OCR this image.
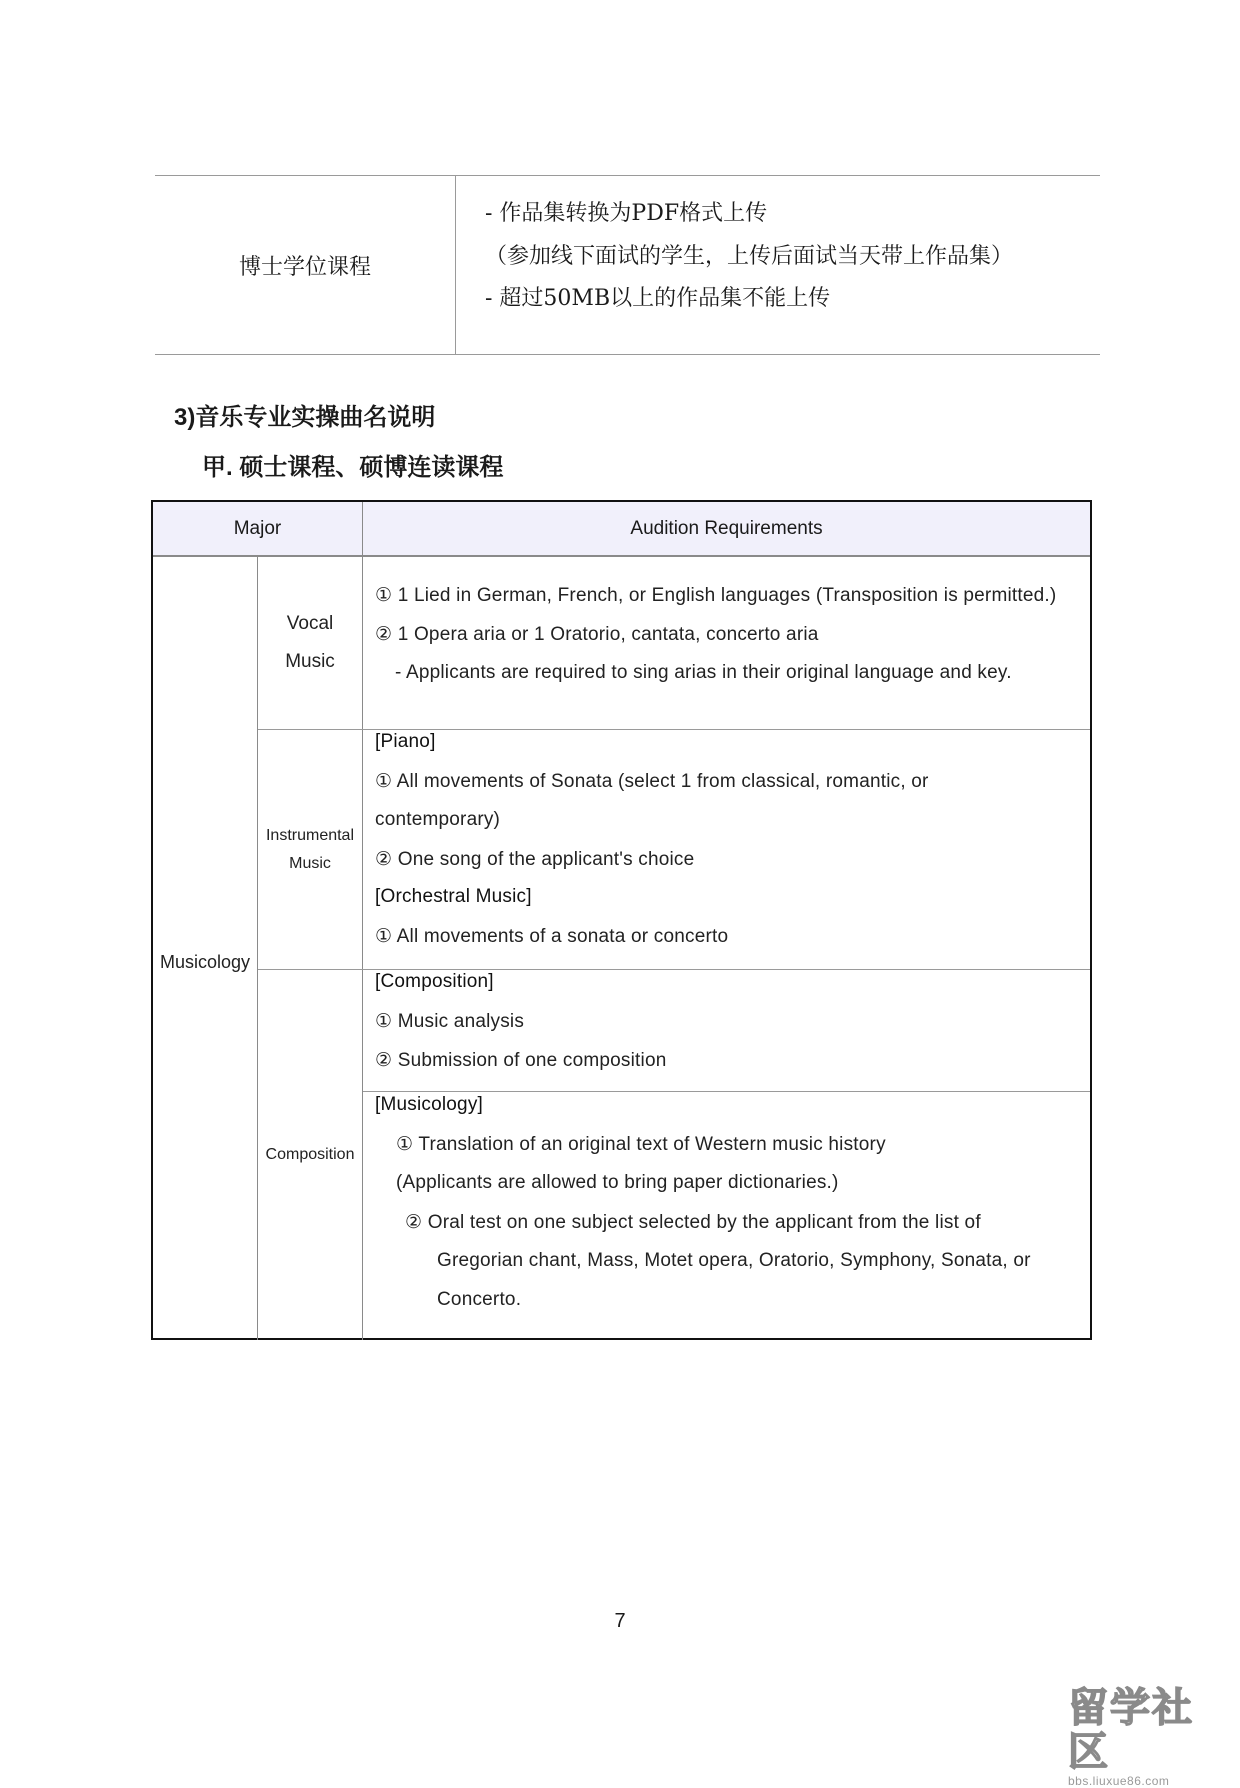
博士学位课程
- 作品集转换为PDF格式上传
（参加线下面试的学生，上传后面试当天带上作品集）
- 超过50MB以上的作品集不能上传
3)音乐专业实操曲名说明
甲. 硕士课程、硕博连读课程
Major	Audition Requirements
Musicology
Vocal
Music
① 1 Lied in German, French, or English languages (Transposition is permitted.)
② 1 Opera aria or 1 Oratorio, cantata, concerto aria
- Applicants are required to sing arias in their original language and key.
Instrumental
Music
[Piano]
① All movements of Sonata (select 1 from classical, romantic, or
contemporary)
② One song of the applicant's choice
[Orchestral Music]
① All movements of a sonata or concerto
Composition
[Composition]
① Music analysis
② Submission of one composition
[Musicology]
① Translation of an original text of Western music history
(Applicants are allowed to bring paper dictionaries.)
② Oral test on one subject selected by the applicant from the list of
Gregorian chant, Mass, Motet opera, Oratorio, Symphony, Sonata, or
Concerto.
7
留学社区
bbs.liuxue86.com
